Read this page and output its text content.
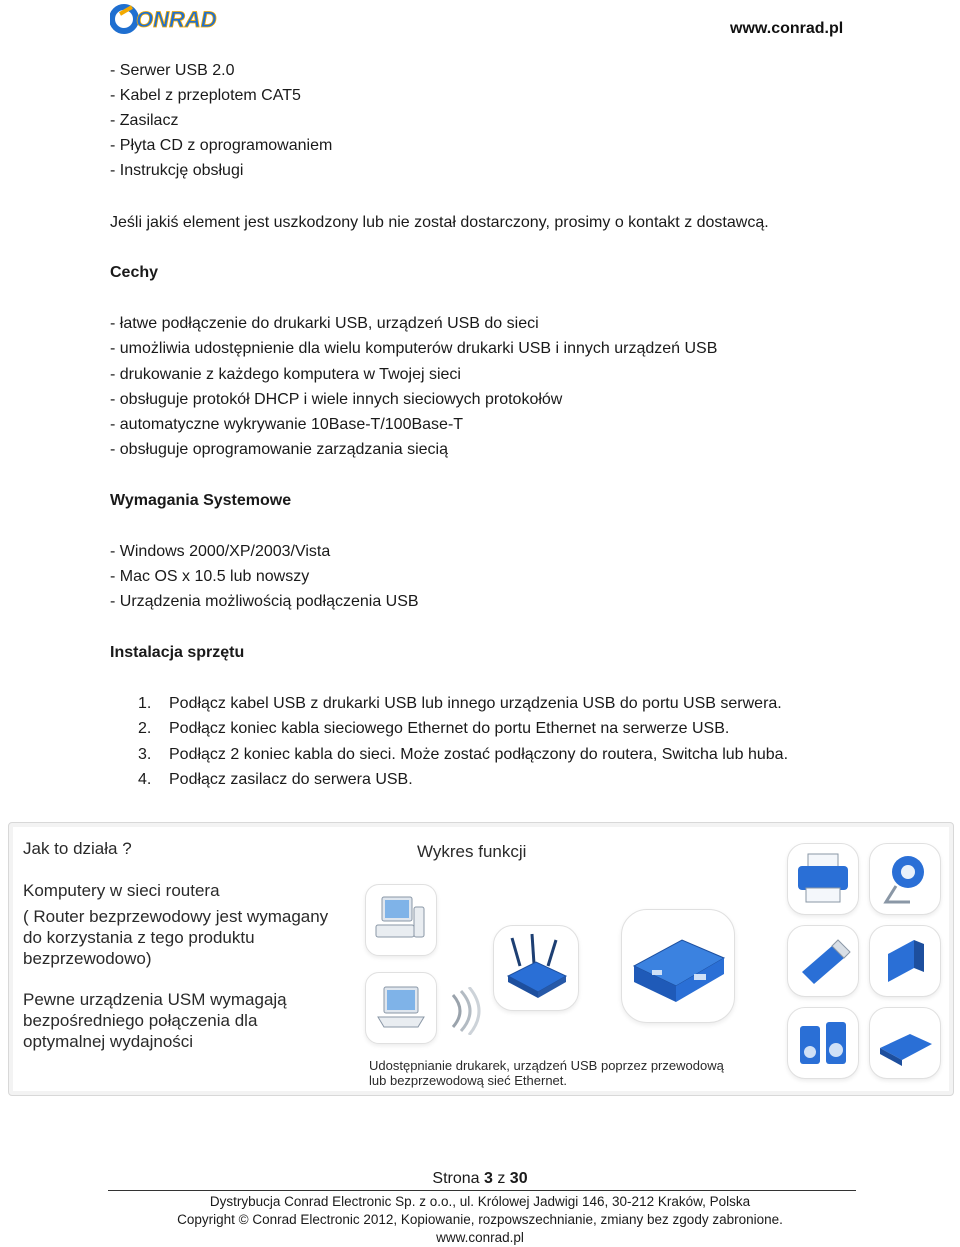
ONRAD	www.conrad.pl
- Serwer USB 2.0
- Kabel z przeplotem CAT5
- Zasilacz
- Płyta CD z oprogramowaniem
- Instrukcję obsługi
Jeśli jakiś element jest uszkodzony lub nie został dostarczony, prosimy o kontakt z dostawcą.
Cechy
- łatwe podłączenie do drukarki USB, urządzeń USB do sieci
- umożliwia udostępnienie dla wielu komputerów drukarki USB i innych urządzeń USB
- drukowanie z każdego komputera w Twojej sieci
- obsługuje protokół DHCP i wiele innych sieciowych protokołów
- automatyczne wykrywanie 10Base-T/100Base-T
- obsługuje oprogramowanie zarządzania siecią
Wymagania Systemowe
- Windows 2000/XP/2003/Vista
- Mac OS x 10.5 lub nowszy
- Urządzenia możliwością podłączenia USB
Instalacja sprzętu
1. Podłącz kabel USB z drukarki USB lub innego urządzenia USB do portu USB serwera.
2. Podłącz koniec kabla sieciowego Ethernet do portu Ethernet na serwerze USB.
3. Podłącz 2 koniec kabla do sieci. Może zostać podłączony do routera, Switcha lub huba.
4. Podłącz zasilacz do serwera USB.
Jak to działa ?	Wykres funkcji
Komputery w sieci routera
( Router bezprzewodowy jest wymagany
do korzystania z tego produktu
bezprzewodowo)
Pewne urządzenia USM wymagają
bezpośredniego połączenia dla
optymalnej wydajności
Udostępnianie drukarek, urządzeń USB poprzez przewodową
lub bezprzewodową sieć Ethernet.
Strona 3 z 30
Dystrybucja Conrad Electronic Sp. z o.o., ul. Królowej Jadwigi 146, 30-212 Kraków, Polska
Copyright © Conrad Electronic 2012, Kopiowanie, rozpowszechnianie, zmiany bez zgody zabronione.
www.conrad.pl
